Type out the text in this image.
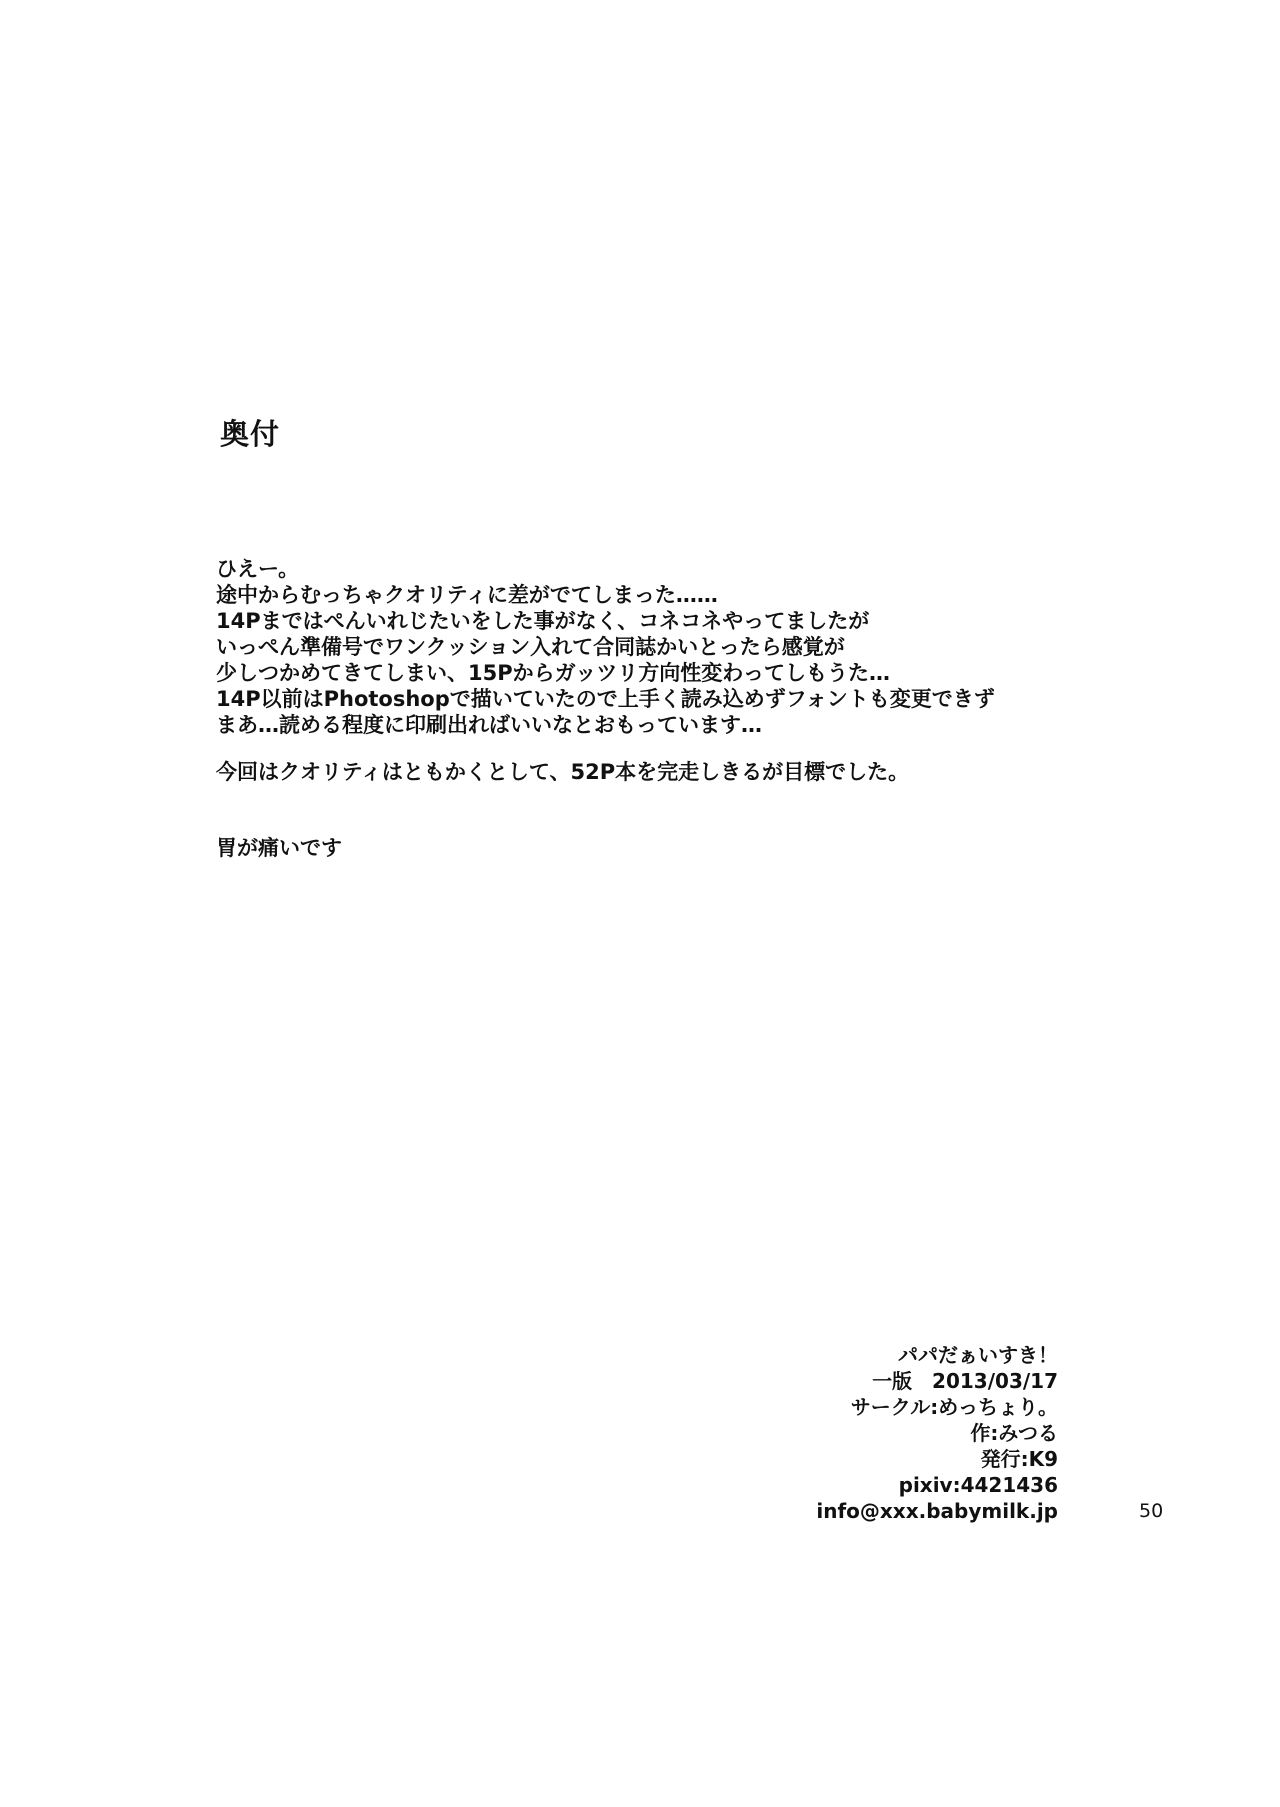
奥付
ひえー。
途中からむっちゃクオリティに差がでてしまった……
14Pまではぺんいれじたいをした事がなく、コネコネやってましたが
いっぺん準備号でワンクッション入れて合同誌かいとったら感覚が
少しつかめてきてしまい、15Pからガッツリ方向性変わってしもうた…
14P以前はPhotoshopで描いていたので上手く読み込めずフォントも変更できず
まあ…読める程度に印刷出ればいいなとおもっています…
今回はクオリティはともかくとして、52P本を完走しきるが目標でした。
胃が痛いです
パパだぁいすき！
一版　2013/03/17
サークル:めっちょり。
作:みつる
発行:K9
pixiv:4421436
info@xxx.babymilk.jp	50
